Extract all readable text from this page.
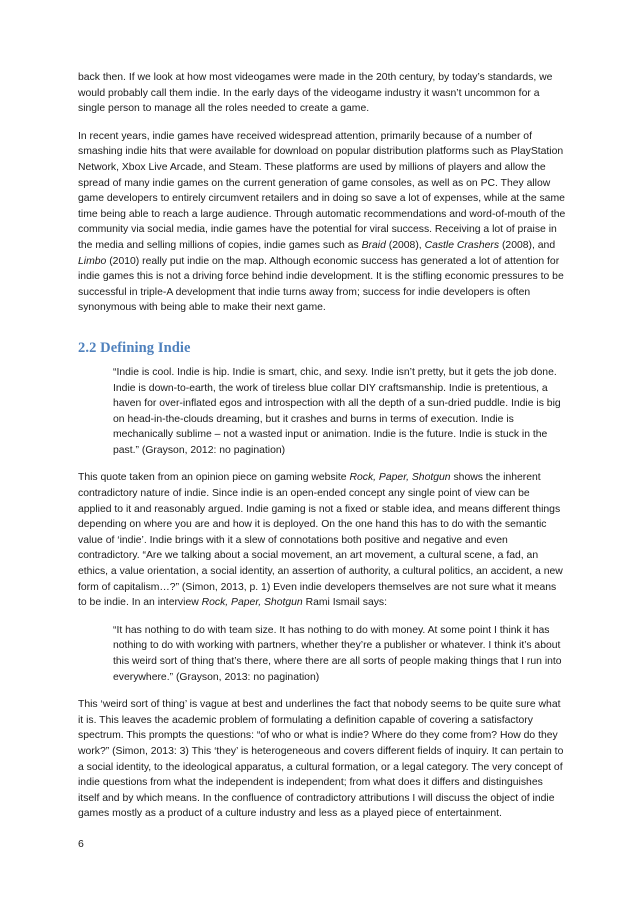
back then. If we look at how most videogames were made in the 20th century, by today’s standards, we would probably call them indie. In the early days of the videogame industry it wasn’t uncommon for a single person to manage all the roles needed to create a game.

In recent years, indie games have received widespread attention, primarily because of a number of smashing indie hits that were available for download on popular distribution platforms such as PlayStation Network, Xbox Live Arcade, and Steam. These platforms are used by millions of players and allow the spread of many indie games on the current generation of game consoles, as well as on PC. They allow game developers to entirely circumvent retailers and in doing so save a lot of expenses, while at the same time being able to reach a large audience. Through automatic recommendations and word-of-mouth of the community via social media, indie games have the potential for viral success. Receiving a lot of praise in the media and selling millions of copies, indie games such as Braid (2008), Castle Crashers (2008), and Limbo (2010) really put indie on the map. Although economic success has generated a lot of attention for indie games this is not a driving force behind indie development. It is the stifling economic pressures to be successful in triple-A development that indie turns away from; success for indie developers is often synonymous with being able to make their next game.

2.2 Defining Indie
“Indie is cool. Indie is hip. Indie is smart, chic, and sexy. Indie isn’t pretty, but it gets the job done. Indie is down-to-earth, the work of tireless blue collar DIY craftsmanship. Indie is pretentious, a haven for over-inflated egos and introspection with all the depth of a sun-dried puddle. Indie is big on head-in-the-clouds dreaming, but it crashes and burns in terms of execution. Indie is mechanically sublime – not a wasted input or animation. Indie is the future. Indie is stuck in the past.” (Grayson, 2012: no pagination)

This quote taken from an opinion piece on gaming website Rock, Paper, Shotgun shows the inherent contradictory nature of indie. Since indie is an open-ended concept any single point of view can be applied to it and reasonably argued. Indie gaming is not a fixed or stable idea, and means different things depending on where you are and how it is deployed. On the one hand this has to do with the semantic value of ‘indie’. Indie brings with it a slew of connotations both positive and negative and even contradictory. “Are we talking about a social movement, an art movement, a cultural scene, a fad, an ethics, a value orientation, a social identity, an assertion of authority, a cultural politics, an accident, a new form of capitalism…?” (Simon, 2013, p. 1) Even indie developers themselves are not sure what it means to be indie. In an interview Rock, Paper, Shotgun Rami Ismail says:

“It has nothing to do with team size. It has nothing to do with money. At some point I think it has nothing to do with working with partners, whether they’re a publisher or whatever. I think it’s about this weird sort of thing that’s there, where there are all sorts of people making things that I run into everywhere.” (Grayson, 2013: no pagination)

This ‘weird sort of thing’ is vague at best and underlines the fact that nobody seems to be quite sure what it is. This leaves the academic problem of formulating a definition capable of covering a satisfactory spectrum. This prompts the questions: “of who or what is indie? Where do they come from? How do they work?” (Simon, 2013: 3) This ‘they’ is heterogeneous and covers different fields of inquiry. It can pertain to a social identity, to the ideological apparatus, a cultural formation, or a legal category. The very concept of indie questions from what the independent is independent; from what does it differs and distinguishes itself and by which means. In the confluence of contradictory attributions I will discuss the object of indie games mostly as a product of a culture industry and less as a played piece of entertainment.

6
